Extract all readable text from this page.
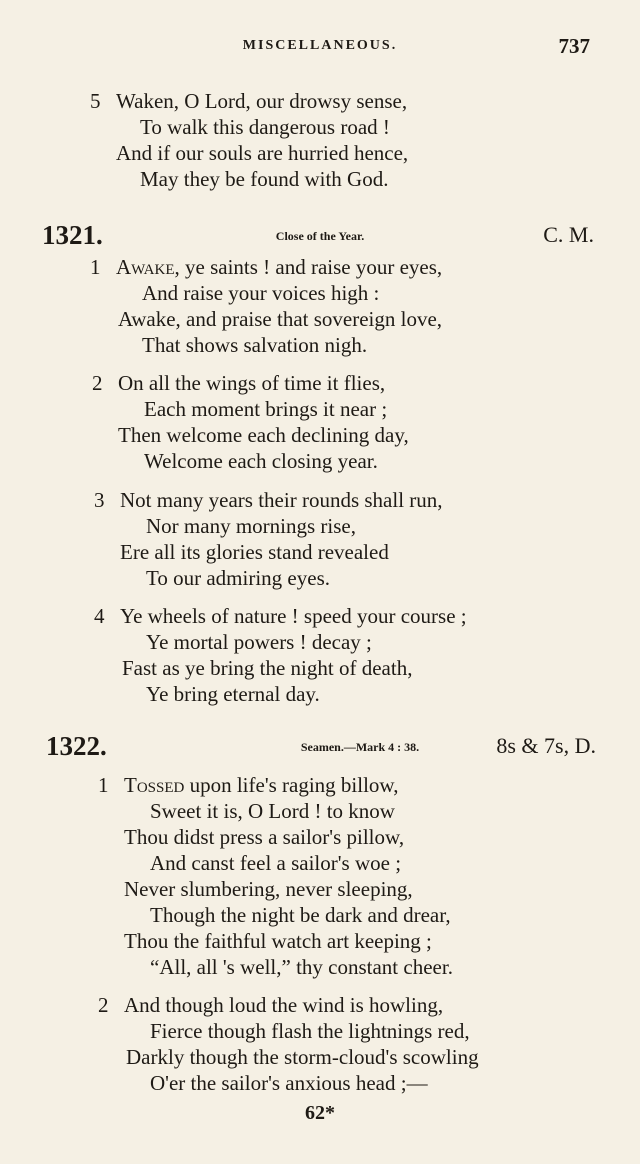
MISCELLANEOUS.	737
5 Waken, O Lord, our drowsy sense,
To walk this dangerous road !
And if our souls are hurried hence,
May they be found with God.
1321.	Close of the Year.	C. M.
1 Awake, ye saints ! and raise your eyes,
And raise your voices high :
Awake, and praise that sovereign love,
That shows salvation nigh.
2 On all the wings of time it flies,
Each moment brings it near ;
Then welcome each declining day,
Welcome each closing year.
3 Not many years their rounds shall run,
Nor many mornings rise,
Ere all its glories stand revealed
To our admiring eyes.
4 Ye wheels of nature ! speed your course ;
Ye mortal powers ! decay ;
Fast as ye bring the night of death,
Ye bring eternal day.
1322.	Seamen.—Mark 4 : 38.	8s & 7s, D.
1 Tossed upon life's raging billow,
Sweet it is, O Lord ! to know
Thou didst press a sailor's pillow,
And canst feel a sailor's woe ;
Never slumbering, never sleeping,
Though the night be dark and drear,
Thou the faithful watch art keeping ;
“All, all 's well,” thy constant cheer.
2 And though loud the wind is howling,
Fierce though flash the lightnings red,
Darkly though the storm-cloud's scowling
O'er the sailor's anxious head ;—
62*
